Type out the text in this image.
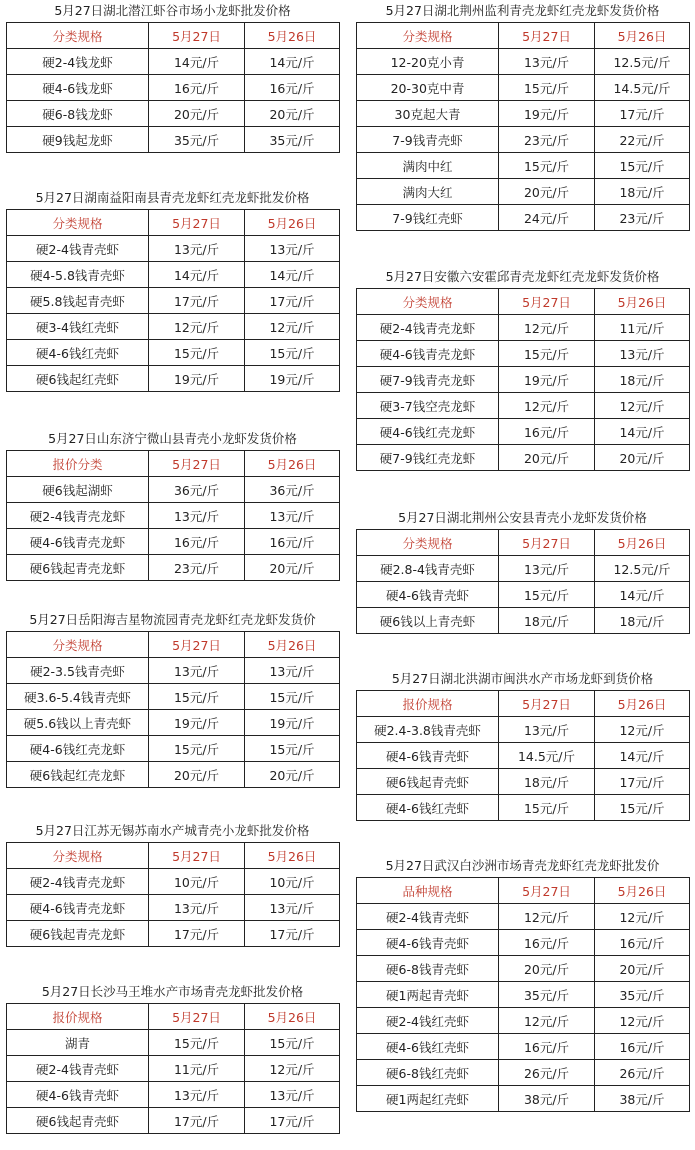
5月27日湖北潜江虾谷市场小龙虾批发价格
分类规格	5月27日	5月26日
硬2-4钱龙虾	14元/斤	14元/斤
硬4-6钱龙虾	16元/斤	16元/斤
硬6-8钱龙虾	20元/斤	20元/斤
硬9钱起龙虾	35元/斤	35元/斤
5月27日湖南益阳南县青壳龙虾红壳龙虾批发价格
分类规格	5月27日	5月26日
硬2-4钱青壳虾	13元/斤	13元/斤
硬4-5.8钱青壳虾	14元/斤	14元/斤
硬5.8钱起青壳虾	17元/斤	17元/斤
硬3-4钱红壳虾	12元/斤	12元/斤
硬4-6钱红壳虾	15元/斤	15元/斤
硬6钱起红壳虾	19元/斤	19元/斤
5月27日山东济宁微山县青壳小龙虾发货价格
报价分类	5月27日	5月26日
硬6钱起湖虾	36元/斤	36元/斤
硬2-4钱青壳龙虾	13元/斤	13元/斤
硬4-6钱青壳龙虾	16元/斤	16元/斤
硬6钱起青壳龙虾	23元/斤	20元/斤
5月27日岳阳海吉星物流园青壳龙虾红壳龙虾发货价
分类规格	5月27日	5月26日
硬2-3.5钱青壳虾	13元/斤	13元/斤
硬3.6-5.4钱青壳虾	15元/斤	15元/斤
硬5.6钱以上青壳虾	19元/斤	19元/斤
硬4-6钱红壳龙虾	15元/斤	15元/斤
硬6钱起红壳龙虾	20元/斤	20元/斤
5月27日江苏无锡苏南水产城青壳小龙虾批发价格
分类规格	5月27日	5月26日
硬2-4钱青壳龙虾	10元/斤	10元/斤
硬4-6钱青壳龙虾	13元/斤	13元/斤
硬6钱起青壳龙虾	17元/斤	17元/斤
5月27日长沙马王堆水产市场青壳龙虾批发价格
报价规格	5月27日	5月26日
湖青	15元/斤	15元/斤
硬2-4钱青壳虾	11元/斤	12元/斤
硬4-6钱青壳虾	13元/斤	13元/斤
硬6钱起青壳虾	17元/斤	17元/斤
5月27日湖北荆州监利青壳龙虾红壳龙虾发货价格
分类规格	5月27日	5月26日
12-20克小青	13元/斤	12.5元/斤
20-30克中青	15元/斤	14.5元/斤
30克起大青	19元/斤	17元/斤
7-9钱青壳虾	23元/斤	22元/斤
满肉中红	15元/斤	15元/斤
满肉大红	20元/斤	18元/斤
7-9钱红壳虾	24元/斤	23元/斤
5月27日安徽六安霍邱青壳龙虾红壳龙虾发货价格
分类规格	5月27日	5月26日
硬2-4钱青壳龙虾	12元/斤	11元/斤
硬4-6钱青壳龙虾	15元/斤	13元/斤
硬7-9钱青壳龙虾	19元/斤	18元/斤
硬3-7钱空壳龙虾	12元/斤	12元/斤
硬4-6钱红壳龙虾	16元/斤	14元/斤
硬7-9钱红壳龙虾	20元/斤	20元/斤
5月27日湖北荆州公安县青壳小龙虾发货价格
分类规格	5月27日	5月26日
硬2.8-4钱青壳虾	13元/斤	12.5元/斤
硬4-6钱青壳虾	15元/斤	14元/斤
硬6钱以上青壳虾	18元/斤	18元/斤
5月27日湖北洪湖市闽洪水产市场龙虾到货价格
报价规格	5月27日	5月26日
硬2.4-3.8钱青壳虾	13元/斤	12元/斤
硬4-6钱青壳虾	14.5元/斤	14元/斤
硬6钱起青壳虾	18元/斤	17元/斤
硬4-6钱红壳虾	15元/斤	15元/斤
5月27日武汉白沙洲市场青壳龙虾红壳龙虾批发价
品种规格	5月27日	5月26日
硬2-4钱青壳虾	12元/斤	12元/斤
硬4-6钱青壳虾	16元/斤	16元/斤
硬6-8钱青壳虾	20元/斤	20元/斤
硬1两起青壳虾	35元/斤	35元/斤
硬2-4钱红壳虾	12元/斤	12元/斤
硬4-6钱红壳虾	16元/斤	16元/斤
硬6-8钱红壳虾	26元/斤	26元/斤
硬1两起红壳虾	38元/斤	38元/斤
